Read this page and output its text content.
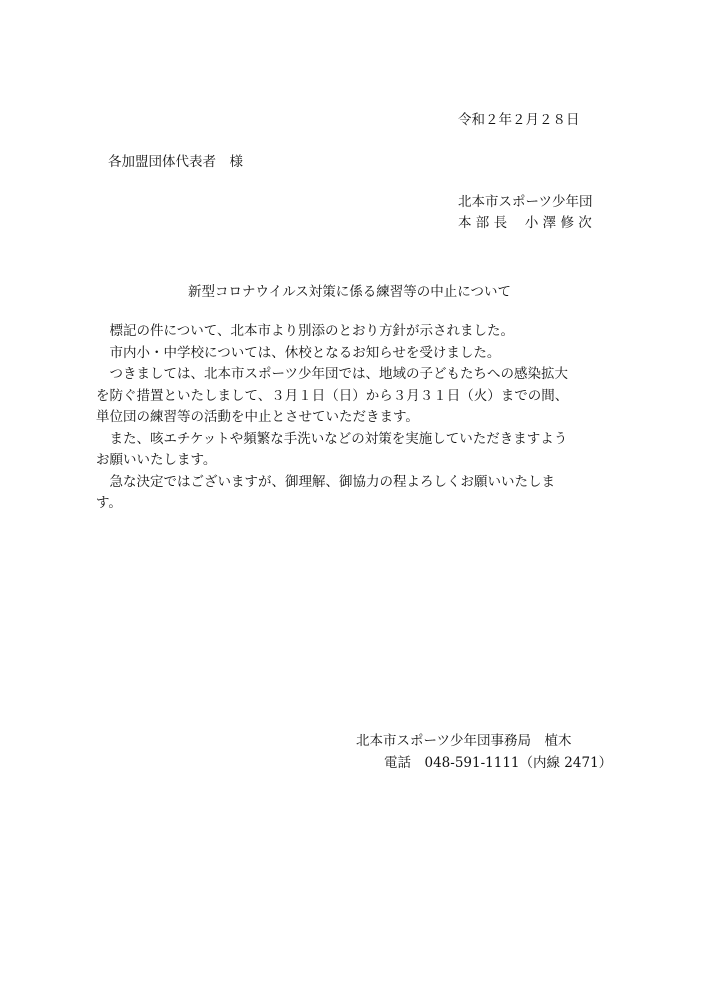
令和２年２月２８日
各加盟団体代表者　様
北本市スポーツ少年団
本 部 長　 小 澤 修 次
新型コロナウイルス対策に係る練習等の中止について

　標記の件について、北本市より別添のとおり方針が示されました。

　市内小・中学校については、休校となるお知らせを受けました。

　つきましては、北本市スポーツ少年団では、地域の子どもたちへの感染拡大

を防ぐ措置といたしまして、３月１日（日）から３月３１日（火）までの間、

単位団の練習等の活動を中止とさせていただきます。

　また、咳エチケットや頻繁な手洗いなどの対策を実施していただきますよう

お願いいたします。

　急な決定ではございますが、御理解、御協力の程よろしくお願いいたしま

す。

北本市スポーツ少年団事務局　植木
電話　048-591-1111（内線 2471）
